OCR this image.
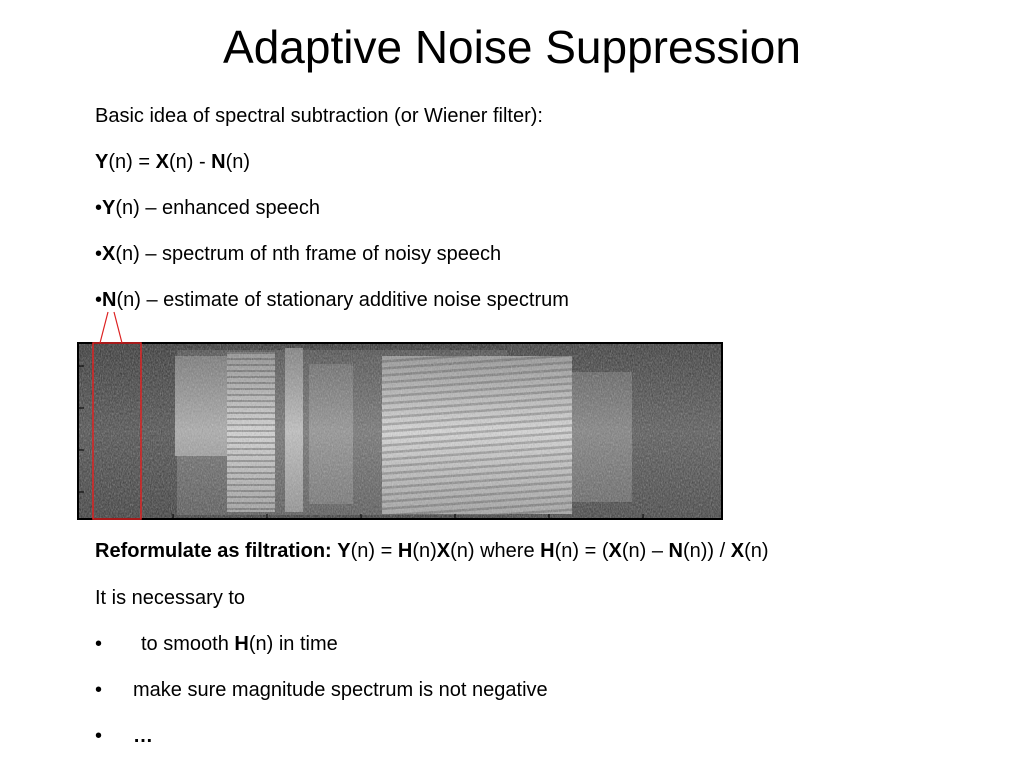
Adaptive Noise Suppression
Basic idea of spectral subtraction (or Wiener filter):
Y(n) = X(n) - N(n)
•Y(n) – enhanced speech
•X(n) – spectrum of nth frame of noisy speech
•N(n) – estimate of stationary additive noise spectrum
Reformulate as filtration: Y(n) = H(n)X(n) where H(n) = (X(n) – N(n)) / X(n)
It is necessary to
• to smooth H(n) in time
• make sure magnitude spectrum is not negative
• …
